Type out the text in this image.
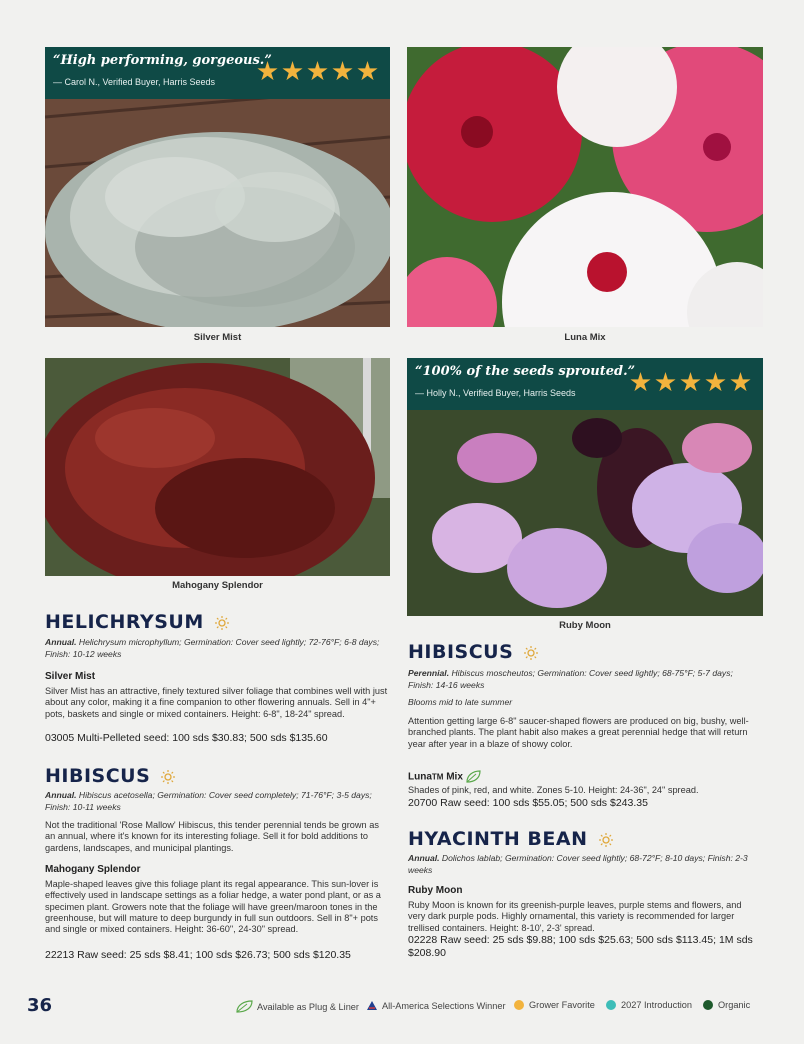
“High performing, gorgeous.”
— Carol N., Verified Buyer, Harris Seeds
Silver Mist	Luna Mix
Mahogany Splendor
“100% of the seeds sprouted.”
— Holly N., Verified Buyer, Harris Seeds
Ruby Moon
HELICHRYSUM
Annual. Helichrysum microphyllum; Germination: Cover seed lightly; 72-76°F; 6-8 days; Finish: 10-12 weeks
Silver Mist
Silver Mist has an attractive, finely textured silver foliage that combines well with just about any color, making it a fine companion to other flowering annuals. Sell in 4"+ pots, baskets and single or mixed containers. Height: 6-8", 18-24" spread.
03005 Multi-Pelleted seed: 100 sds $30.83; 500 sds $135.60
HIBISCUS
Annual. Hibiscus acetosella; Germination: Cover seed completely; 71-76°F; 3-5 days; Finish: 10-11 weeks
Not the traditional 'Rose Mallow' Hibiscus, this tender perennial tends be grown as an annual, where it's known for its interesting foliage. Sell it for bold additions to gardens, landscapes, and municipal plantings.
Mahogany Splendor
Maple-shaped leaves give this foliage plant its regal appearance. This sun-lover is effectively used in landscape settings as a foliar hedge, a water pond plant, or as a specimen plant. Growers note that the foliage will have green/maroon tones in the greenhouse, but will mature to deep burgundy in full sun outdoors. Sell in 8"+ pots and single or mixed containers. Height: 36-60", 24-30" spread.
22213 Raw seed: 25 sds $8.41; 100 sds $26.73; 500 sds $120.35
HIBISCUS
Perennial. Hibiscus moscheutos; Germination: Cover seed lightly; 68-75°F; 5-7 days; Finish: 14-16 weeks
Blooms mid to late summer
Attention getting large 6-8" saucer-shaped flowers are produced on big, bushy, well-branched plants. The plant habit also makes a great perennial hedge that will return year after year in a blaze of showy color.
LunaTM Mix
Shades of pink, red, and white. Zones 5-10. Height: 24-36", 24" spread.
20700 Raw seed: 100 sds $55.05; 500 sds $243.35
HYACINTH BEAN
Annual. Dolichos lablab; Germination: Cover seed lightly; 68-72°F; 8-10 days; Finish: 2-3 weeks
Ruby Moon
Ruby Moon is known for its greenish-purple leaves, purple stems and flowers, and very dark purple pods. Highly ornamental, this variety is recommended for larger trellised containers. Height: 8-10', 2-3' spread.
02228 Raw seed: 25 sds $9.88; 100 sds $25.63; 500 sds $113.45; 1M sds $208.90
36	Available as Plug & Liner	All-America Selections Winner	Grower Favorite	2027 Introduction	Organic
